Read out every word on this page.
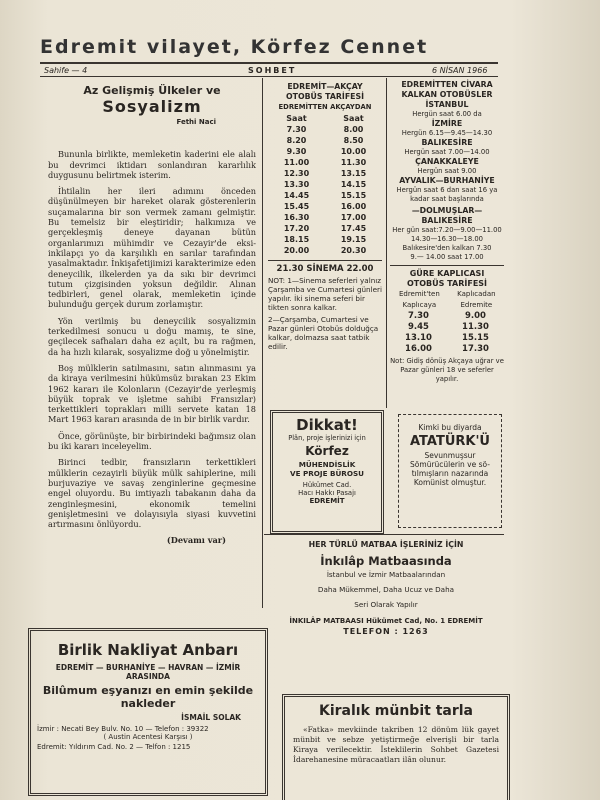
Edremit vilayet, Körfez Cennet
Sahife — 4	SOHBET	6 NİSAN 1966
Az Gelişmiş Ülkeler ve
Sosyalizm
Fethi Naci

Bununla birlikte, memleketin kaderini ele alalı bu devrimci iktidarı sonlandıran kararlılık duygusunu belirtmek isterim.

İhtilalin her ileri adımını önceden düşünülmeyen bir hareket olarak gösterenlerin suçamalarına bir son vermek zamanı gelmiştir. Bu temelsiz bir eleştiridir; halkımıza ve gerçekleşmiş deneye dayanan bütün organlarımızı mühimdir ve Cezayir'de eksi-inkilapçı yo da karşılıklı en sarılar tarafından yasalmaktadır. İnkişafetijimizi karakterimize eden deneycilik, ilkelerden ya da sıkı bir devrimci tutum çizgisinden yoksun değildir. Alınan tedbirleri, genel olarak, memleketin içinde bulunduğu gerçek durum zorlamıştır.

Yön verilmiş bu deneycilik sosyalizmin terkedilmesi sonucu u doğu mamış, te sine, geçilecek safhaları daha ez açılt, bu ra rağmen, da ha hızlı kılarak, sosyalizme doğ u yönelmiştir.

Boş mülklerin satılmasını, satın alınmasını ya da kiraya verilmesini hükümsüz bırakan 23 Ekim 1962 kararı ile Kolonların (Cezayir'de yerleşmiş büyük toprak ve işletme sahibi Fransızlar) terkettikleri toprakları milli servete katan 18 Mart 1963 kararı arasında de in bir birlik vardır.

Önce, görünüşte, bir birbirindeki bağımsız olan bu iki kararı inceleyelim.

Birinci tedbir, fransızların terkettikleri mülklerin cezayirli büyük mülk sahiplerine, mili burjuvaziye ve savaş zenginlerine geçmesine engel oluyordu. Bu imtiyazlı tabakanın daha da zenginleşmesini, ekonomik temelini genişletmesini ve dolayısıyla siyasi kuvvetini artırmasını önlüyordu.

(Devamı var)
EDREMİT—AKÇAY
OTOBÜS TARİFESİ
EDREMİTTEN AKÇAYDAN
Saat	Saat
7.30	8.00
8.20	8.50
9.30	10.00
11.00	11.30
12.30	13.15
13.30	14.15
14.45	15.15
15.45	16.00
16.30	17.00
17.20	17.45
18.15	19.15
20.00	20.30
21.30 SİNEMA 22.00
NOT: 1—Sinema seferleri yalnız Çarşamba ve Cumartesi günleri yapılır. İki sinema seferi bir tikten sonra kalkar.
2—Çarşamba, Cumartesi ve Pazar günleri Otobüs dolduğça kalkar, dolmazsa saat tatbik edilir.
EDREMİTTEN CİVARA
KALKAN OTOBÜSLER
İSTANBUL
Hergün saat 6.00 da
İZMİRE
Hergün 6.15—9.45—14.30
BALIKESİRE
Hergün saat 7.00—14.00
ÇANAKKALEYE
Hergün saat 9.00
AYVALIK—BURHANİYE
Hergün saat 6 dan saat 16 ya kadar saat başlarında
—DOLMUŞLAR—
BALIKESİRE
Her gün saat:7.20—9.00—11.00
14.30—16.30—18.00
Balıkesire'den kalkan 7.30
9.— 14.00 saat 17.00
GÜRE KAPLICASI
OTOBÜS TARİFESİ
Edremit'ten	Kaplıcadan
Kaplıcaya	Edremite
7.30	9.00
9.45	11.30
13.10	15.15
16.00	17.30
Not: Gidiş dönüş Akçaya uğrar ve Pazar günleri 18 ve seferler yapılır.
Dikkat!
Plân, proje işlerinizi için
Körfez
MÜHENDİSLİK
VE PROJE BÜROSU
Hükümet Cad.
Hacı Hakkı Pasajı
EDREMİT
Kimki bu diyarda
ATATÜRK'Ü
Sevunmuşsur
Sömürücülerin ve sö-
tılmışların nazarında
Komünist olmuştur.
HER TÜRLÜ MATBAA İŞLERİNİZ İÇİN
İnkılâp Matbaasında
İstanbul ve İzmir Matbaalarından
Daha Mükemmel, Daha Ucuz ve Daha
Seri Olarak Yapılır
İNKILÂP MATBAASI Hükümet Cad, No. 1 EDREMİT
TELEFON : 1263
Birlik Nakliyat Anbarı
EDREMİT — BURHANİYE — HAVRAN — İZMİR
ARASINDA
Bilûmum eşyanızı en emin şekilde
nakleder
İSMAİL SOLAK
İzmir : Necati Bey Bulv. No. 10 — Telefon : 39322
( Austin Acentesi Karşısı )
Edremit: Yıldırım Cad. No. 2 — Telfon : 1215
Kiralık münbit tarla
«Fatka» mevkiinde takriben 12 dönüm lük gayet münbit ve sebze yetiştirmeğe elverişli bir tarla Kiraya verilecektir. İsteklilerin Sohbet Gazetesi İdarehanesine müracaatları ilân olunur.
